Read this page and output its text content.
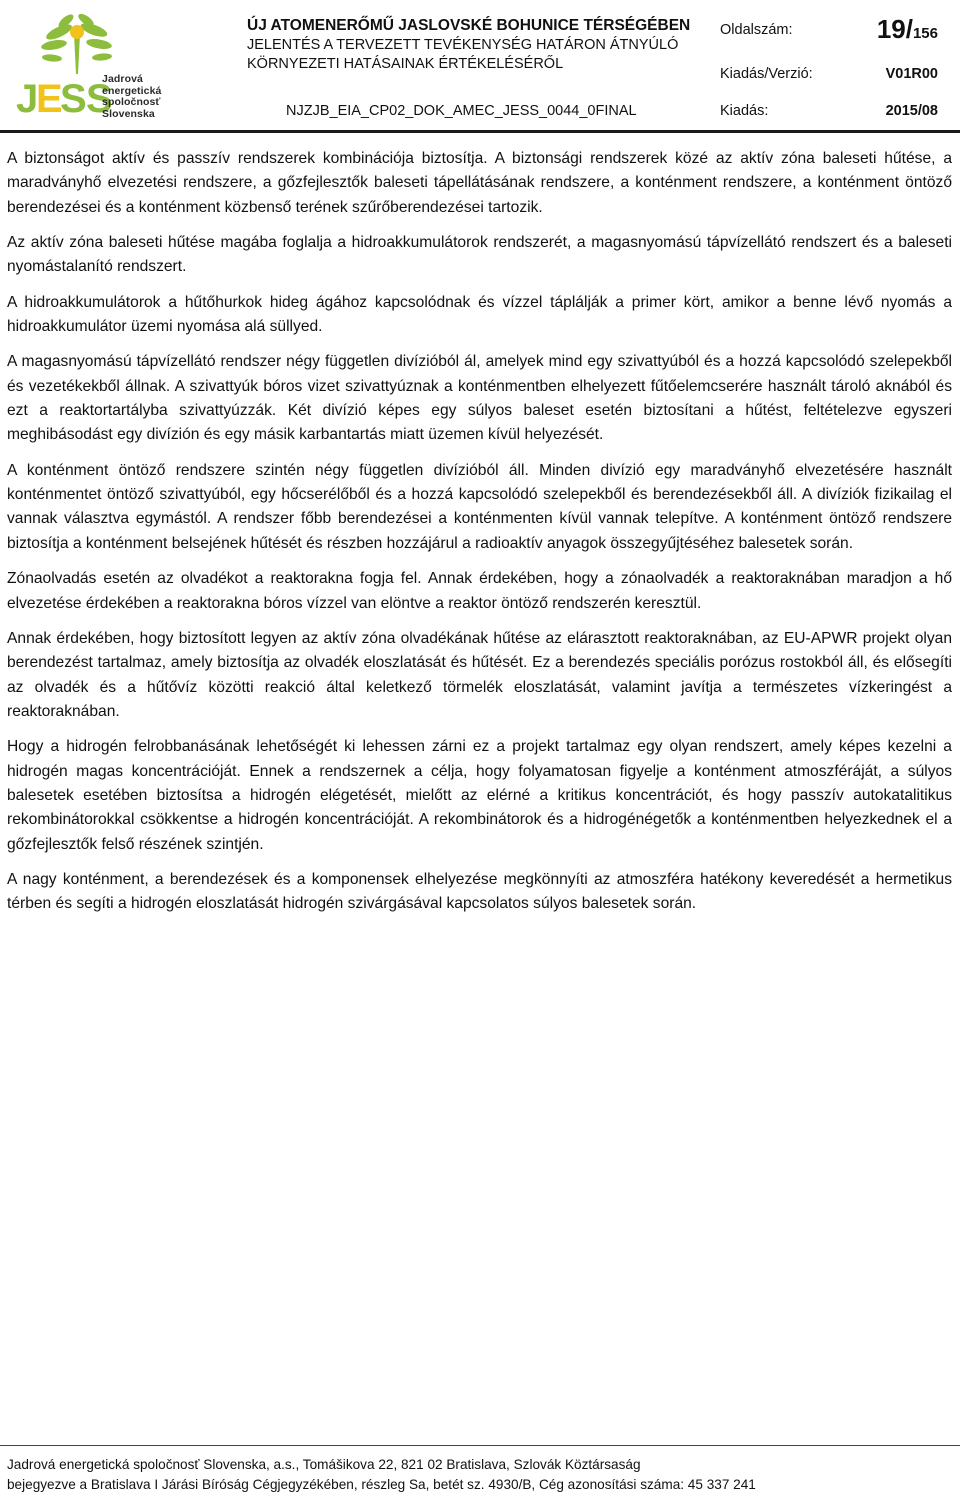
J
E
S S
Jadrová
energetická
spoločnosť
Slovenska
ÚJ ATOMENERŐMŰ JASLOVSKÉ BOHUNICE TÉRSÉGÉBEN
JELENTÉS A TERVEZETT TEVÉKENYSÉG HATÁRON ÁTNYÚLÓ
KÖRNYEZETI HATÁSAINAK ÉRTÉKELÉSÉRŐL
NJZJB_EIA_CP02_DOK_AMEC_JESS_0044_0FINAL
Oldalszám:	19/156
Kiadás/Verzió:	V01R00
Kiadás:	2015/08

A biztonságot aktív és passzív rendszerek kombinációja biztosítja. A biztonsági rendszerek közé az aktív zóna baleseti hűtése, a maradványhő elvezetési rendszere, a gőzfejlesztők baleseti tápellátásának rendszere, a konténment rendszere, a konténment öntöző berendezései és a konténment közbenső terének szűrőberendezései tartozik.

Az aktív zóna baleseti hűtése magába foglalja a hidroakkumulátorok rendszerét, a magasnyomású tápvízellátó rendszert és a baleseti nyomástalanító rendszert.

A hidroakkumulátorok a hűtőhurkok hideg ágához kapcsolódnak és vízzel táplálják a primer kört, amikor a benne lévő nyomás a hidroakkumulátor üzemi nyomása alá süllyed.

A magasnyomású tápvízellátó rendszer négy független divízióból ál, amelyek mind egy szivattyúból és a hozzá kapcsolódó szelepekből és vezetékekből állnak. A szivattyúk bóros vizet szivattyúznak a konténmentben elhelyezett fűtőelemcserére használt tároló aknából és ezt a reaktortartályba szivattyúzzák. Két divízió képes egy súlyos baleset esetén biztosítani a hűtést, feltételezve egyszeri meghibásodást egy divízión és egy másik karbantartás miatt üzemen kívül helyezését.

A konténment öntöző rendszere szintén négy független divízióból áll. Minden divízió egy maradványhő elvezetésére használt konténmentet öntöző szivattyúból, egy hőcserélőből és a hozzá kapcsolódó szelepekből és berendezésekből áll. A divíziók fizikailag el vannak választva egymástól. A rendszer főbb berendezései a konténmenten kívül vannak telepítve. A konténment öntöző rendszere biztosítja a konténment belsejének hűtését és részben hozzájárul a radioaktív anyagok összegyűjtéséhez balesetek során.

Zónaolvadás esetén az olvadékot a reaktorakna fogja fel. Annak érdekében, hogy a zónaolvadék a reaktoraknában maradjon a hő elvezetése érdekében a reaktorakna bóros vízzel van elöntve a reaktor öntöző rendszerén keresztül.

Annak érdekében, hogy biztosított legyen az aktív zóna olvadékának hűtése az elárasztott reaktoraknában, az EU-APWR projekt olyan berendezést tartalmaz, amely biztosítja az olvadék eloszlatását és hűtését. Ez a berendezés speciális porózus rostokból áll, és elősegíti az olvadék és a hűtővíz közötti reakció által keletkező törmelék eloszlatását, valamint javítja a természetes vízkeringést a reaktoraknában.

Hogy a hidrogén felrobbanásának lehetőségét ki lehessen zárni ez a projekt tartalmaz egy olyan rendszert, amely képes kezelni a hidrogén magas koncentrációját. Ennek a rendszernek a célja, hogy folyamatosan figyelje a konténment atmoszféráját, a súlyos balesetek esetében biztosítsa a hidrogén elégetését, mielőtt az elérné a kritikus koncentrációt, és hogy passzív autokatalitikus rekombinátorokkal csökkentse a hidrogén koncentrációját. A rekombinátorok és a hidrogénégetők a konténmentben helyezkednek el a gőzfejlesztők felső részének szintjén.

A nagy konténment, a berendezések és a komponensek elhelyezése megkönnyíti az atmoszféra hatékony keveredését a hermetikus térben és segíti a hidrogén eloszlatását hidrogén szivárgásával kapcsolatos súlyos balesetek során.

Jadrová energetická spoločnosť Slovenska, a.s., Tomášikova 22, 821 02 Bratislava, Szlovák Köztársaság
bejegyezve a Bratislava I Járási Bíróság Cégjegyzékében, részleg Sa, betét sz. 4930/B, Cég azonosítási száma: 45 337 241
